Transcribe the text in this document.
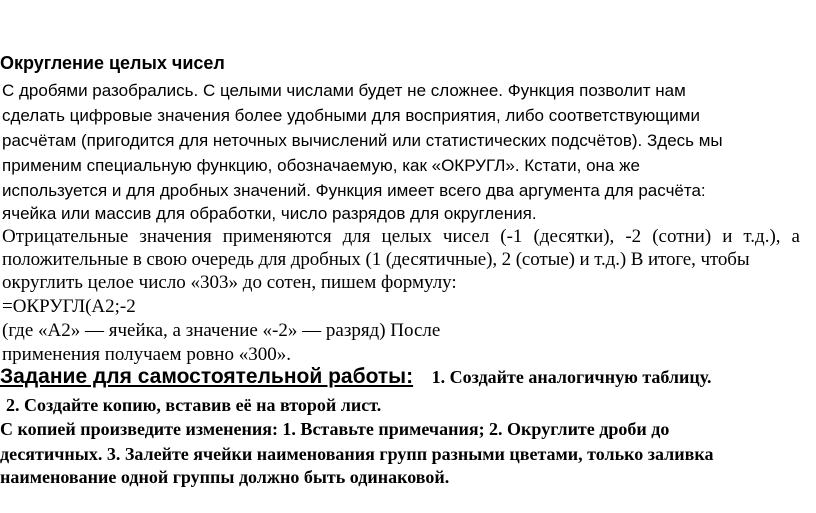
Округление целых чисел
С дробями разобрались. С целыми числами будет не сложнее. Функция позволит нам
сделать цифровые значения более удобными для восприятия, либо соответствующими
расчётам (пригодится для неточных вычислений или статистических подсчётов). Здесь мы
применим специальную функцию, обозначаемую, как «ОКРУГЛ». Кстати, она же
используется и для дробных значений. Функция имеет всего два аргумента для расчёта:
ячейка или массив для обработки, число разрядов для округления.
Отрицательные значения применяются для целых чисел (-1 (десятки), -2 (сотни) и т.д.), а
положительные в свою очередь для дробных (1 (десятичные), 2 (сотые) и т.д.) В итоге, чтобы
округлить целое число «303» до сотен, пишем формулу:
=ОКРУГЛ(А2;-2
(где «А2» — ячейка, а значение «-2» — разряд) После
применения получаем ровно «300».
Задание для самостоятельной работы: 1. Создайте аналогичную таблицу.
2. Создайте копию, вставив её на второй лист.
С копией произведите изменения: 1. Вставьте примечания; 2. Округлите дроби до
десятичных. 3. Залейте ячейки наименования групп разными цветами, только заливка
наименование одной группы должно быть одинаковой.
